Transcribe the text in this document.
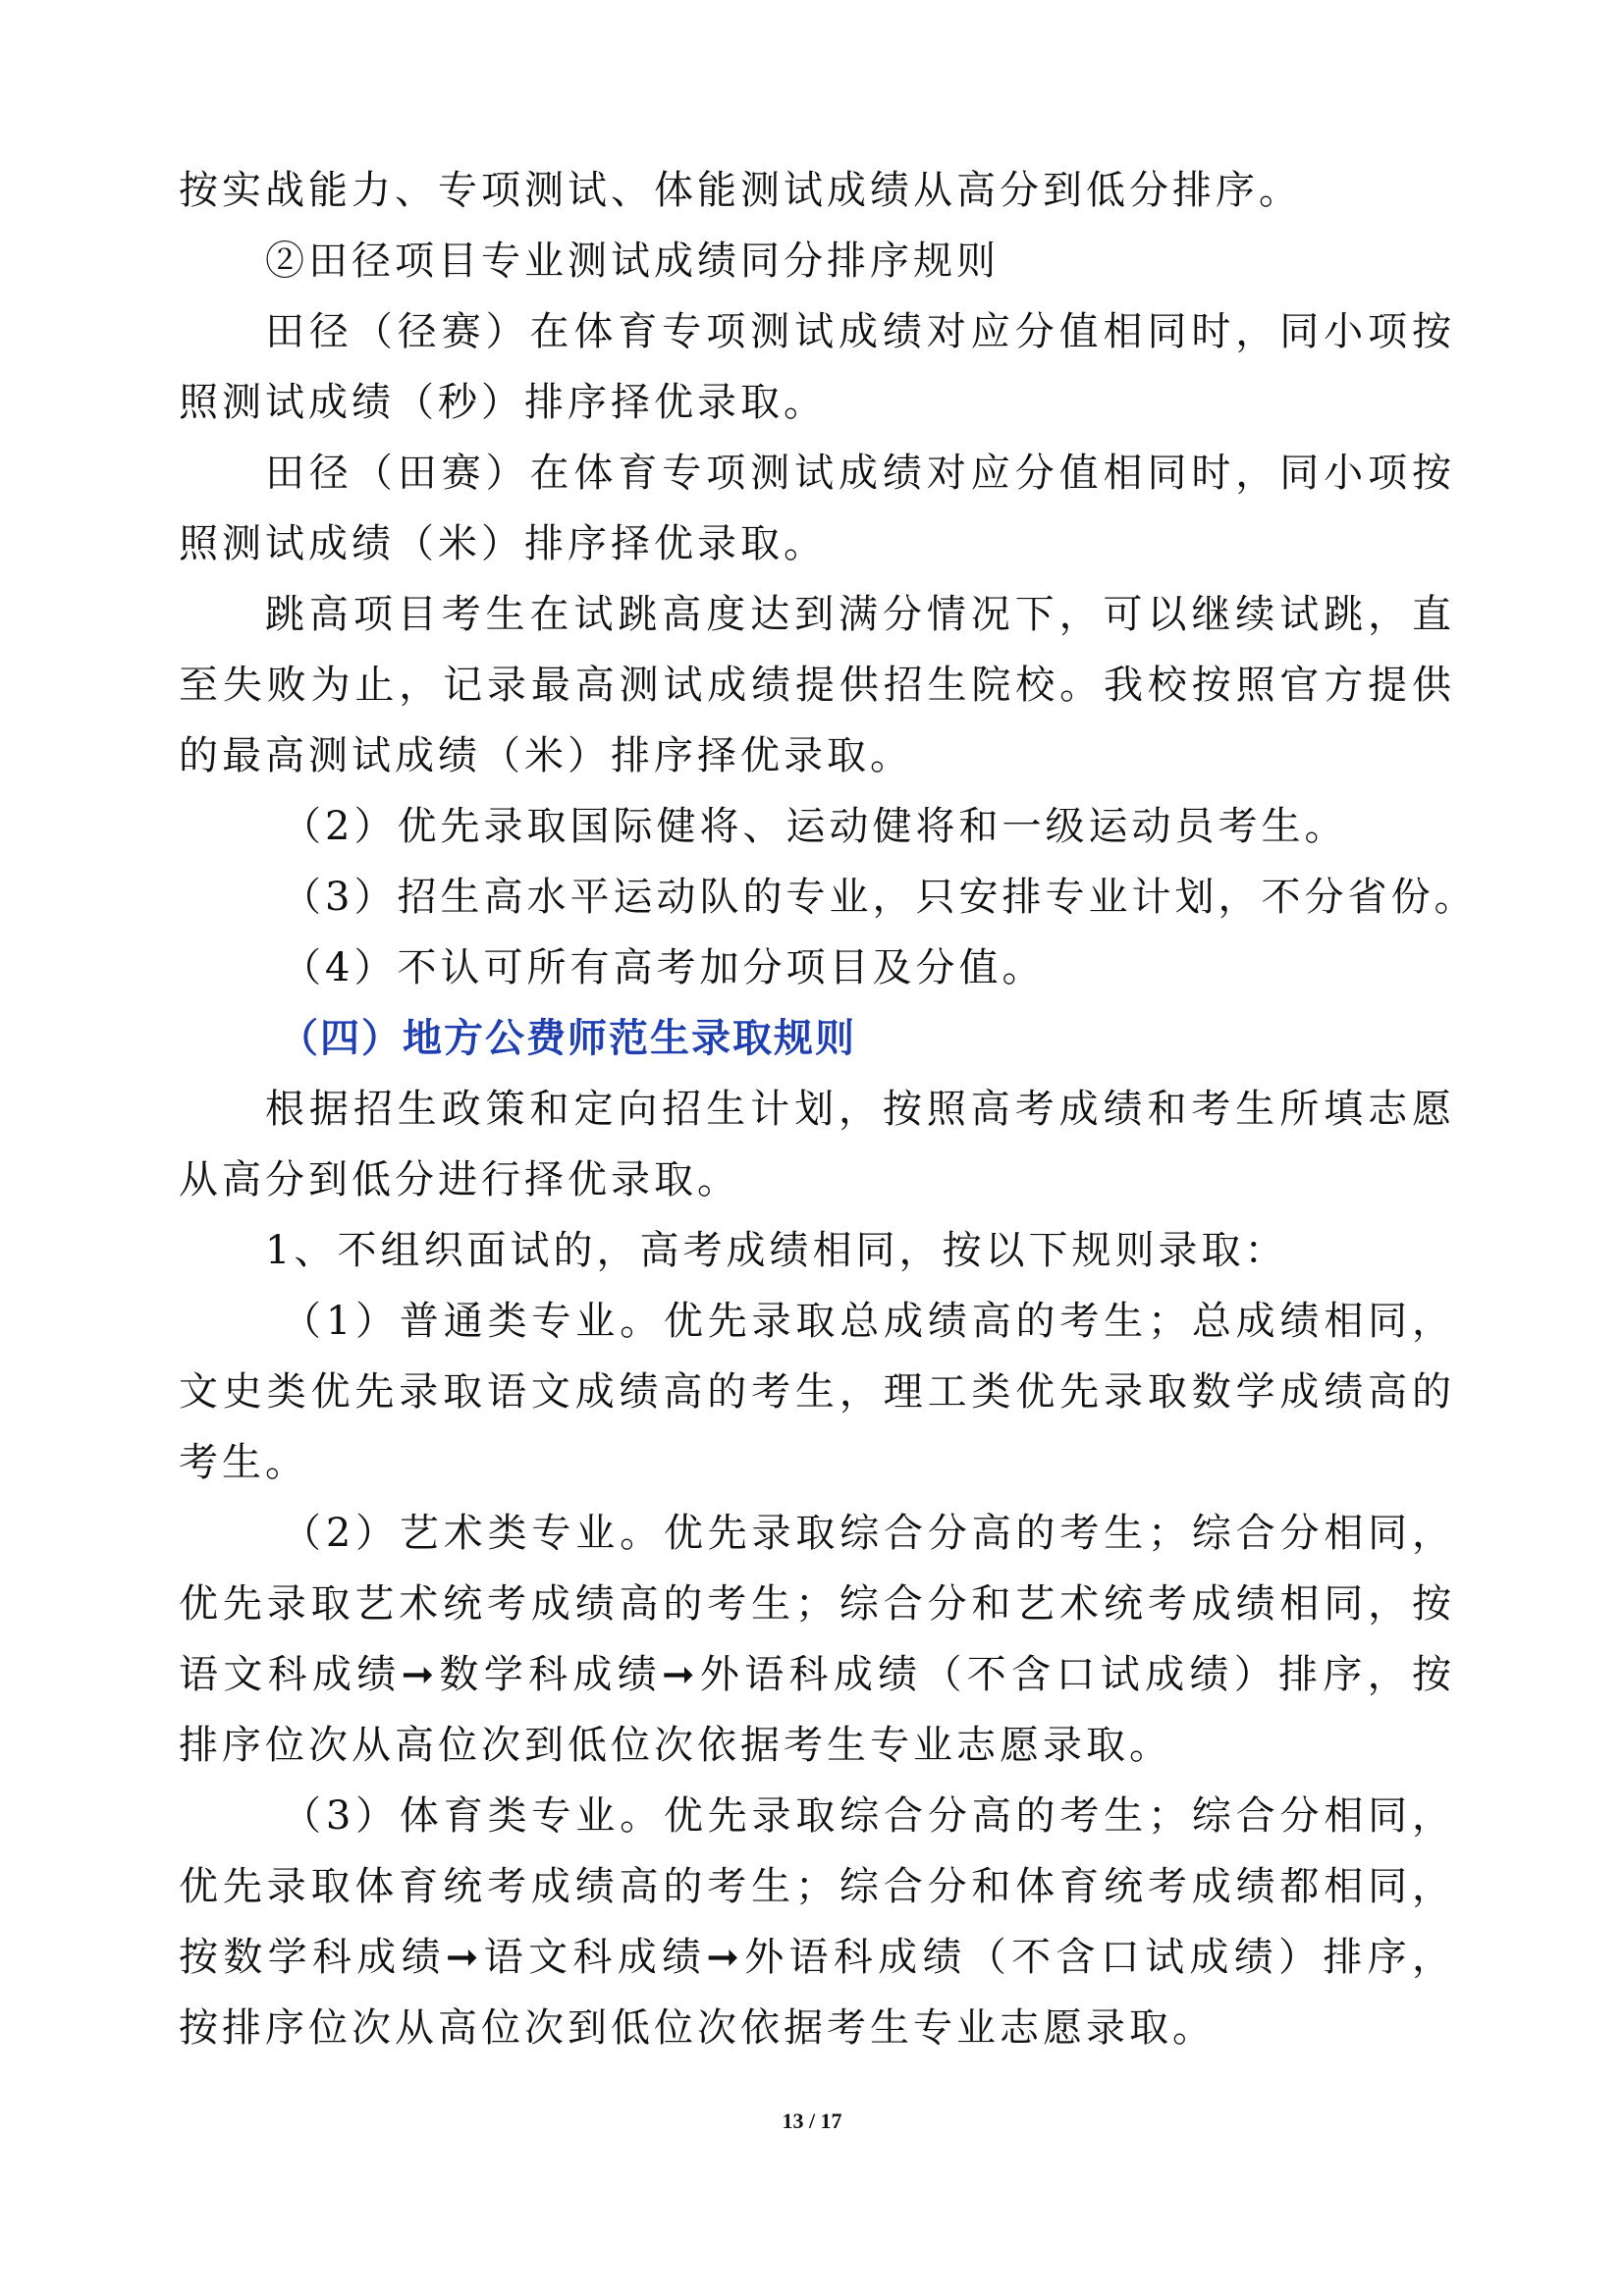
按实战能力、专项测试、体能测试成绩从高分到低分排序。

②田径项目专业测试成绩同分排序规则

田径（径赛）在体育专项测试成绩对应分值相同时，同小项按照测试成绩（秒）排序择优录取。

田径（田赛）在体育专项测试成绩对应分值相同时，同小项按照测试成绩（米）排序择优录取。

跳高项目考生在试跳高度达到满分情况下，可以继续试跳，直至失败为止，记录最高测试成绩提供招生院校。我校按照官方提供的最高测试成绩（米）排序择优录取。

（2）优先录取国际健将、运动健将和一级运动员考生。

（3）招生高水平运动队的专业，只安排专业计划，不分省份。

（4）不认可所有高考加分项目及分值。

（四）地方公费师范生录取规则

根据招生政策和定向招生计划，按照高考成绩和考生所填志愿从高分到低分进行择优录取。

1、不组织面试的，高考成绩相同，按以下规则录取：

（1）普通类专业。优先录取总成绩高的考生；总成绩相同，文史类优先录取语文成绩高的考生，理工类优先录取数学成绩高的考生。

（2）艺术类专业。优先录取综合分高的考生；综合分相同，优先录取艺术统考成绩高的考生；综合分和艺术统考成绩相同，按语文科成绩➞数学科成绩➞外语科成绩（不含口试成绩）排序，按排序位次从高位次到低位次依据考生专业志愿录取。

（3）体育类专业。优先录取综合分高的考生；综合分相同，优先录取体育统考成绩高的考生；综合分和体育统考成绩都相同，按数学科成绩➞语文科成绩➞外语科成绩（不含口试成绩）排序，按排序位次从高位次到低位次依据考生专业志愿录取。

13 / 17
